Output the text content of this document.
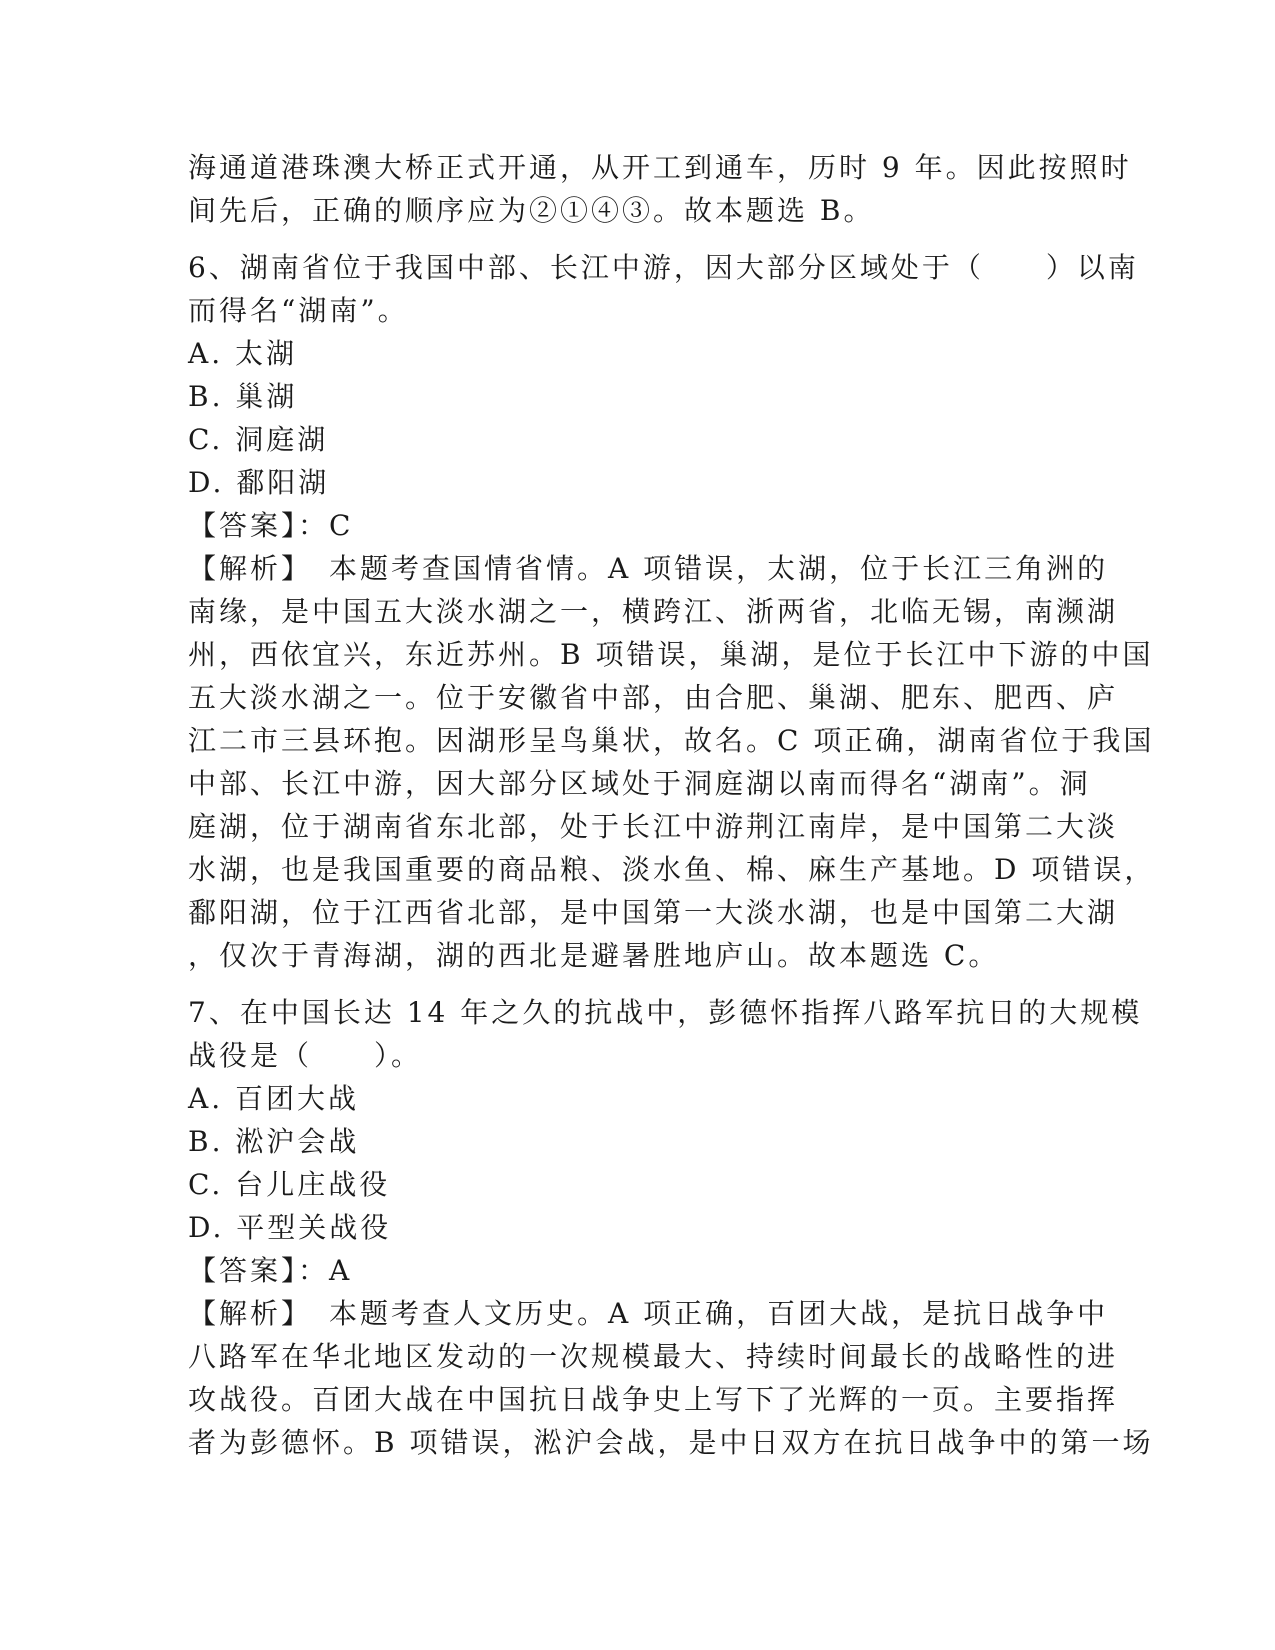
海通道港珠澳大桥正式开通，从开工到通车，历时 9 年。因此按照时
间先后，正确的顺序应为②①④③。故本题选 B。
6、湖南省位于我国中部、长江中游，因大部分区域处于（　　）以南
而得名“湖南”。
A. 太湖
B. 巢湖
C. 洞庭湖
D. 鄱阳湖
【答案】：C
【解析】　本题考查国情省情。A 项错误，太湖，位于长江三角洲的
南缘，是中国五大淡水湖之一，横跨江、浙两省，北临无锡，南濒湖
州，西依宜兴，东近苏州。B 项错误，巢湖，是位于长江中下游的中国
五大淡水湖之一。位于安徽省中部，由合肥、巢湖、肥东、肥西、庐
江二市三县环抱。因湖形呈鸟巢状，故名。C 项正确，湖南省位于我国
中部、长江中游，因大部分区域处于洞庭湖以南而得名“湖南”。洞
庭湖，位于湖南省东北部，处于长江中游荆江南岸，是中国第二大淡
水湖，也是我国重要的商品粮、淡水鱼、棉、麻生产基地。D 项错误，
鄱阳湖，位于江西省北部，是中国第一大淡水湖，也是中国第二大湖
，仅次于青海湖，湖的西北是避暑胜地庐山。故本题选 C。
7、在中国长达 14 年之久的抗战中，彭德怀指挥八路军抗日的大规模
战役是（　　）。
A. 百团大战
B. 淞沪会战
C. 台儿庄战役
D. 平型关战役
【答案】：A
【解析】　本题考查人文历史。A 项正确，百团大战，是抗日战争中
八路军在华北地区发动的一次规模最大、持续时间最长的战略性的进
攻战役。百团大战在中国抗日战争史上写下了光辉的一页。主要指挥
者为彭德怀。B 项错误，淞沪会战，是中日双方在抗日战争中的第一场
